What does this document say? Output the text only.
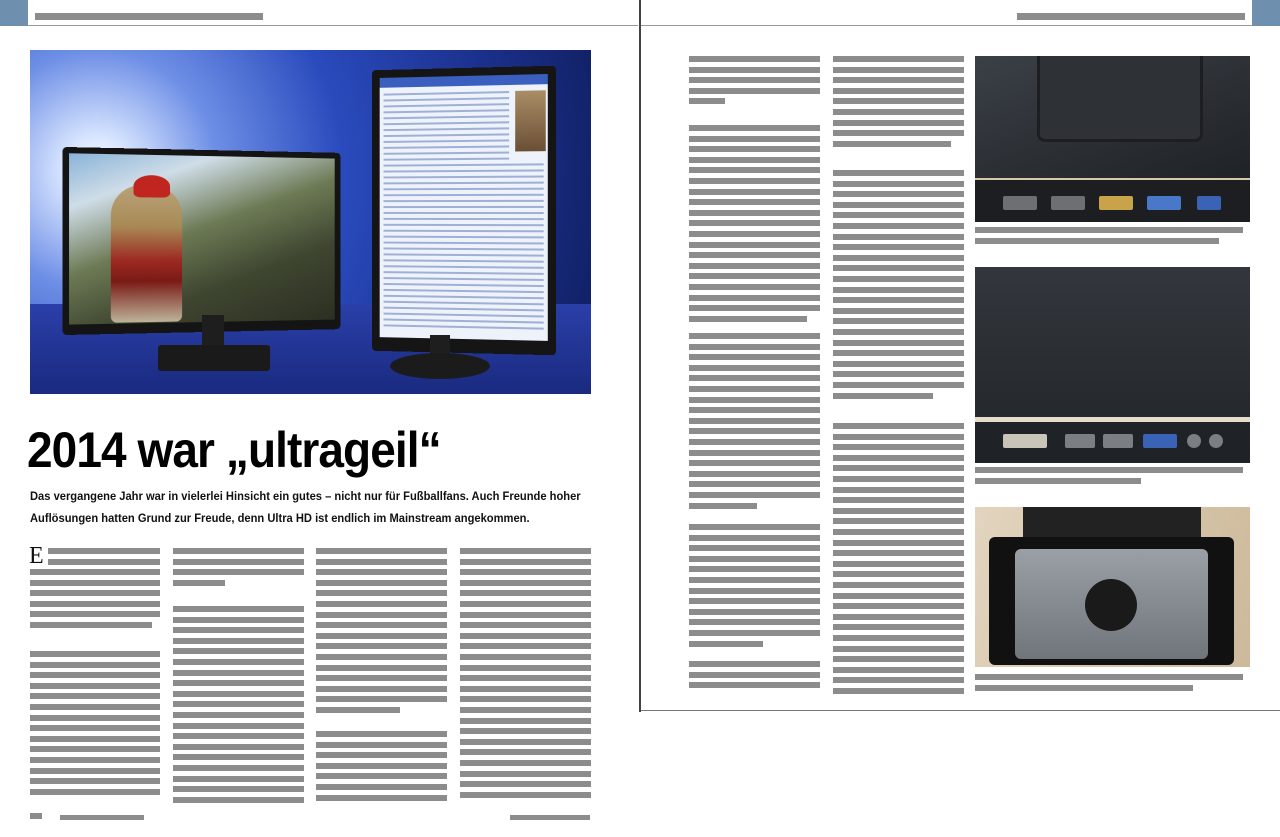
2014 war „ultrageil“

Das vergangene Jahr war in vielerlei Hinsicht ein gutes – nicht nur für Fußballfans. Auch Freunde hoher Auflösungen hatten Grund zur Freude, denn Ultra HD ist endlich im Mainstream angekommen.

E
